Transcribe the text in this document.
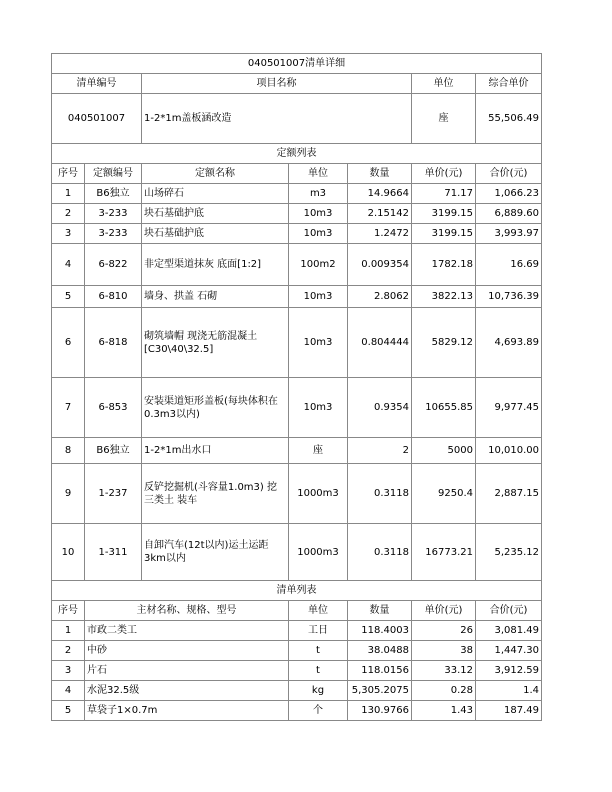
040501007清单详细						
清单编号		项目名称			单位	综合单价
040501007		1-2*1m盖板涵改造			座	55,506.49
定额列表						
序号	定额编号	定额名称	单位	数量	单价(元)	合价(元)
1	B6独立	山场碎石	m3	14.9664	71.17	1,066.23
2	3-233	块石基础护底	10m3	2.15142	3199.15	6,889.60
3	3-233	块石基础护底	10m3	1.2472	3199.15	3,993.97
4	6-822	非定型渠道抹灰 底面[1:2]	100m2	0.009354	1782.18	16.69
5	6-810	墙身、拱盖 石砌	10m3	2.8062	3822.13	10,736.39
6	6-818	砌筑墙帽 现浇无筋混凝土[C30\40\32.5]	10m3	0.804444	5829.12	4,693.89
7	6-853	安装渠道矩形盖板(每块体积在0.3m3以内)	10m3	0.9354	10655.85	9,977.45
8	B6独立	1-2*1m出水口	座	2	5000	10,010.00
9	1-237	反铲挖掘机(斗容量1.0m3) 挖三类土 装车	1000m3	0.3118	9250.4	2,887.15
10	1-311	自卸汽车(12t以内)运土运距3km以内	1000m3	0.3118	16773.21	5,235.12
清单列表						
序号	主材名称、规格、型号		单位	数量	单价(元)	合价(元)
1	市政二类工		工日	118.4003	26	3,081.49
2	中砂		t	38.0488	38	1,447.30
3	片石		t	118.0156	33.12	3,912.59
4	水泥32.5级		kg	5,305.2075	0.28	1.4
5	草袋子1×0.7m		个	130.9766	1.43	187.49
